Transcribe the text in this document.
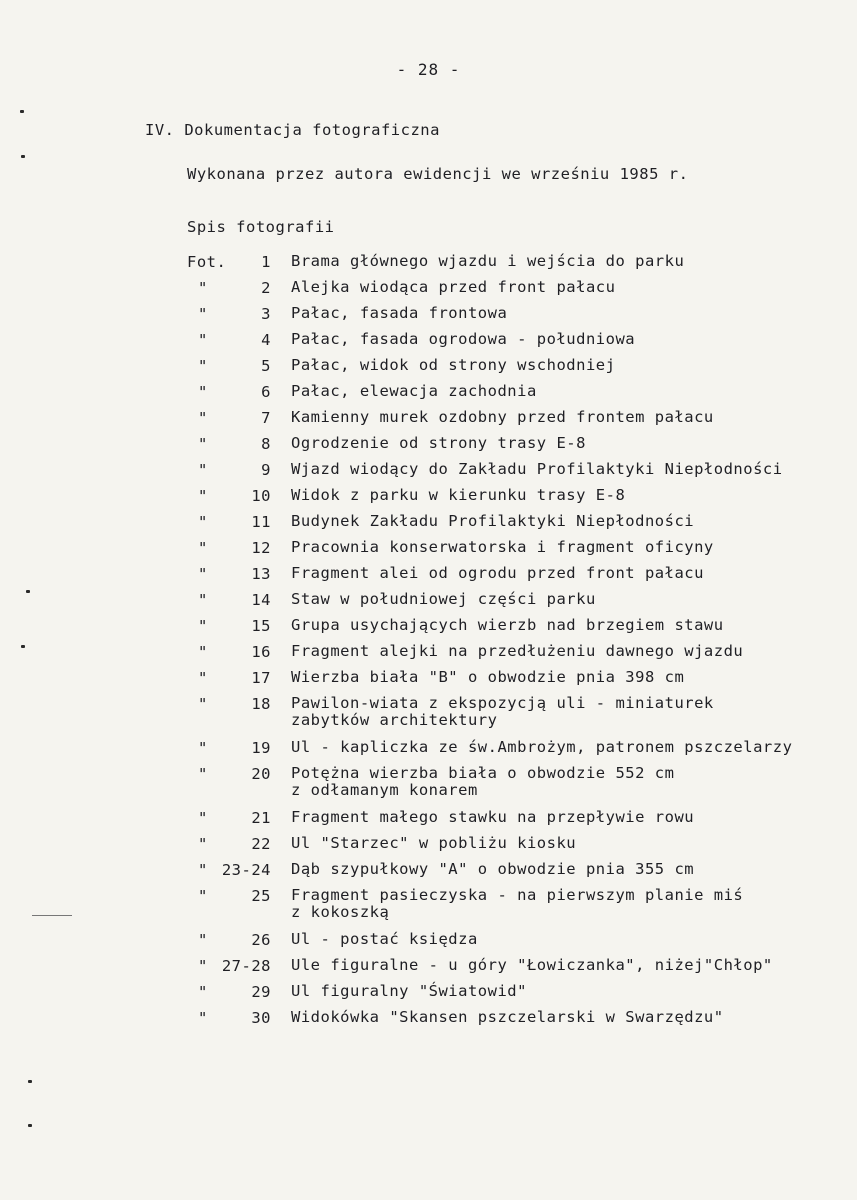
- 28 -
IV. Dokumentacja fotograficzna
Wykonana przez autora ewidencji we wrześniu 1985 r.
Spis fotografii
Fot.	1 Brama głównego wjazdu i wejścia do parku
"	2 Alejka wiodąca przed front pałacu
"	3 Pałac, fasada frontowa
"	4 Pałac, fasada ogrodowa - południowa
"	5 Pałac, widok od strony wschodniej
"	6 Pałac, elewacja zachodnia
"	7 Kamienny murek ozdobny przed frontem pałacu
"	8 Ogrodzenie od strony trasy E-8
"	9 Wjazd wiodący do Zakładu Profilaktyki Niepłodności
"	10 Widok z parku w kierunku trasy E-8
"	11 Budynek Zakładu Profilaktyki Niepłodności
"	12 Pracownia konserwatorska i fragment oficyny
"	13 Fragment alei od ogrodu przed front pałacu
"	14 Staw w południowej części parku
"	15 Grupa usychających wierzb nad brzegiem stawu
"	16 Fragment alejki na przedłużeniu dawnego wjazdu
"	17 Wierzba biała "B" o obwodzie pnia 398 cm
"	18 Pawilon-wiata z ekspozycją uli - miniaturek
zabytków architektury
"	19 Ul - kapliczka ze św.Ambrożym, patronem pszczelarzy
"	20 Potężna wierzba biała o obwodzie 552 cm
z odłamanym konarem
"	21 Fragment małego stawku na przepływie rowu
"	22 Ul "Starzec" w pobliżu kiosku
" 23-24 Dąb szypułkowy "A" o obwodzie pnia 355 cm
"	25 Fragment pasieczyska - na pierwszym planie miś
z kokoszką
"	26 Ul - postać księdza
" 27-28 Ule figuralne - u góry "Łowiczanka", niżej"Chłop"
"	29 Ul figuralny "Światowid"
"	30 Widokówka "Skansen pszczelarski w Swarzędzu"
